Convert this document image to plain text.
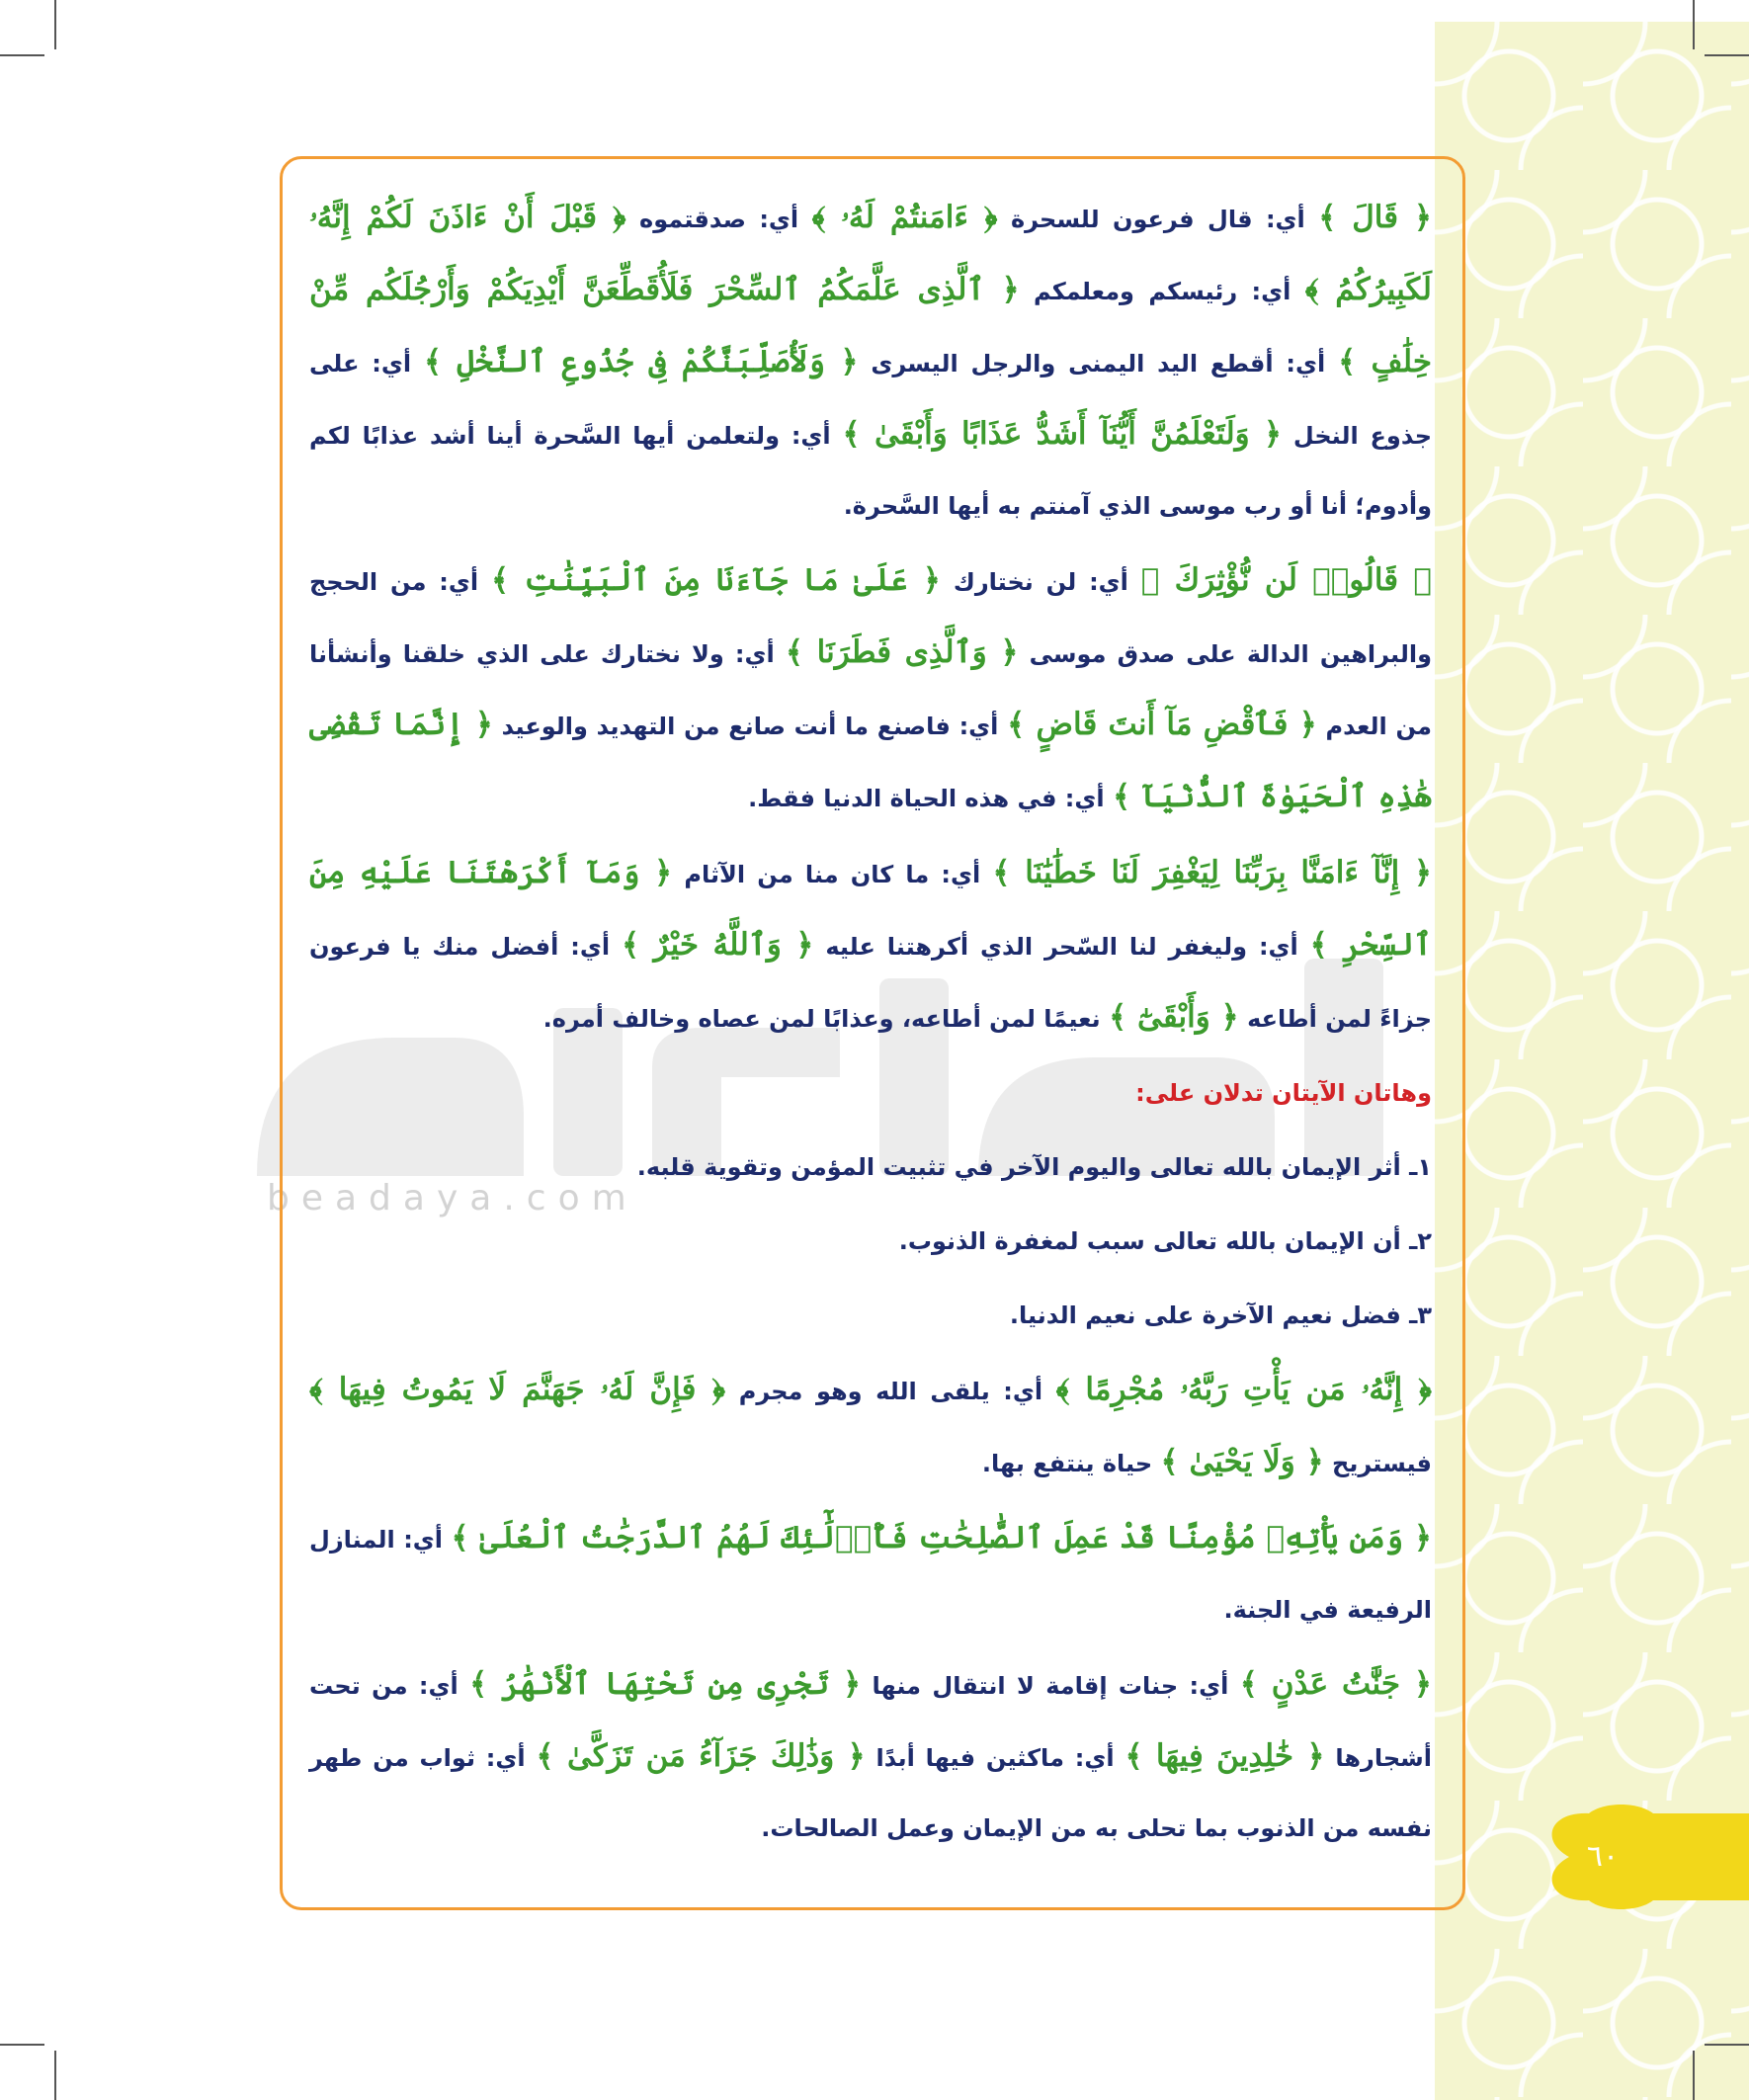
beadaya.com

﴿ قَالَ ﴾ أي: قال فرعون للسحرة ﴿ ءَامَنتُمْ لَهُۥ ﴾ أي: صدقتموه ﴿ قَبْلَ أَنْ ءَاذَنَ لَكُمْ إِنَّهُۥ لَكَبِيرُكُمُ ﴾ أي: رئيسكم ومعلمكم ﴿ ٱلَّذِى عَلَّمَكُمُ ٱلسِّحْرَ فَلَأُقَطِّعَنَّ أَيْدِيَكُمْ وَأَرْجُلَكُم مِّنْ خِلَٰفٍ ﴾ أي: أقطع اليد اليمنى والرجل اليسرى ﴿ وَلَأُصَلِّبَنَّكُمْ فِى جُذُوعِ ٱلنَّخْلِ ﴾ أي: على جذوع النخل ﴿ وَلَتَعْلَمُنَّ أَيُّنَآ أَشَدُّ عَذَابًا وَأَبْقَىٰ ﴾ أي: ولتعلمن أيها السَّحرة أينا أشد عذابًا لكم وأدوم؛ أنا أو رب موسى الذي آمنتم به أيها السَّحرة.

﴿ قَالُوا۟ لَن نُّؤْثِرَكَ ﴾ أي: لن نختارك ﴿ عَلَىٰ مَا جَآءَنَا مِنَ ٱلْبَيِّنَٰتِ ﴾ أي: من الحجج والبراهين الدالة على صدق موسى ﴿ وَٱلَّذِى فَطَرَنَا ﴾ أي: ولا نختارك على الذي خلقنا وأنشأنا من العدم ﴿ فَٱقْضِ مَآ أَنتَ قَاضٍ ﴾ أي: فاصنع ما أنت صانع من التهديد والوعيد ﴿ إِنَّمَا تَقْضِى هَٰذِهِ ٱلْحَيَوٰةَ ٱلدُّنْيَآ ﴾ أي: في هذه الحياة الدنيا فقط.

﴿ إِنَّآ ءَامَنَّا بِرَبِّنَا لِيَغْفِرَ لَنَا خَطَٰيَٰنَا ﴾ أي: ما كان منا من الآثام ﴿ وَمَآ أَكْرَهْتَنَا عَلَيْهِ مِنَ ٱلسِّحْرِ ﴾ أي: وليغفر لنا السّحر الذي أكرهتنا عليه ﴿ وَٱللَّهُ خَيْرٌ ﴾ أي: أفضل منك يا فرعون جزاءً لمن أطاعه ﴿ وَأَبْقَىٰٓ ﴾ نعيمًا لمن أطاعه، وعذابًا لمن عصاه وخالف أمره.

وهاتان الآيتان تدلان على:

١ـ أثر الإيمان بالله تعالى واليوم الآخر في تثبيت المؤمن وتقوية قلبه.

٢ـ أن الإيمان بالله تعالى سبب لمغفرة الذنوب.

٣ـ فضل نعيم الآخرة على نعيم الدنيا.

﴿ إِنَّهُۥ مَن يَأْتِ رَبَّهُۥ مُجْرِمًا ﴾ أي: يلقى الله وهو مجرم ﴿ فَإِنَّ لَهُۥ جَهَنَّمَ لَا يَمُوتُ فِيهَا ﴾ فيستريح ﴿ وَلَا يَحْيَىٰ ﴾ حياة ينتفع بها.

﴿ وَمَن يَأْتِهِۦ مُؤْمِنًا قَدْ عَمِلَ ٱلصَّٰلِحَٰتِ فَأُو۟لَٰٓئِكَ لَهُمُ ٱلدَّرَجَٰتُ ٱلْعُلَىٰ ﴾ أي: المنازل الرفيعة في الجنة.

﴿ جَنَّٰتُ عَدْنٍ ﴾ أي: جنات إقامة لا انتقال منها ﴿ تَجْرِى مِن تَحْتِهَا ٱلْأَنْهَٰرُ ﴾ أي: من تحت أشجارها ﴿ خَٰلِدِينَ فِيهَا ﴾ أي: ماكثين فيها أبدًا ﴿ وَذَٰلِكَ جَزَآءُ مَن تَزَكَّىٰ ﴾ أي: ثواب من طهر نفسه من الذنوب بما تحلى به من الإيمان وعمل الصالحات.

٦٠
